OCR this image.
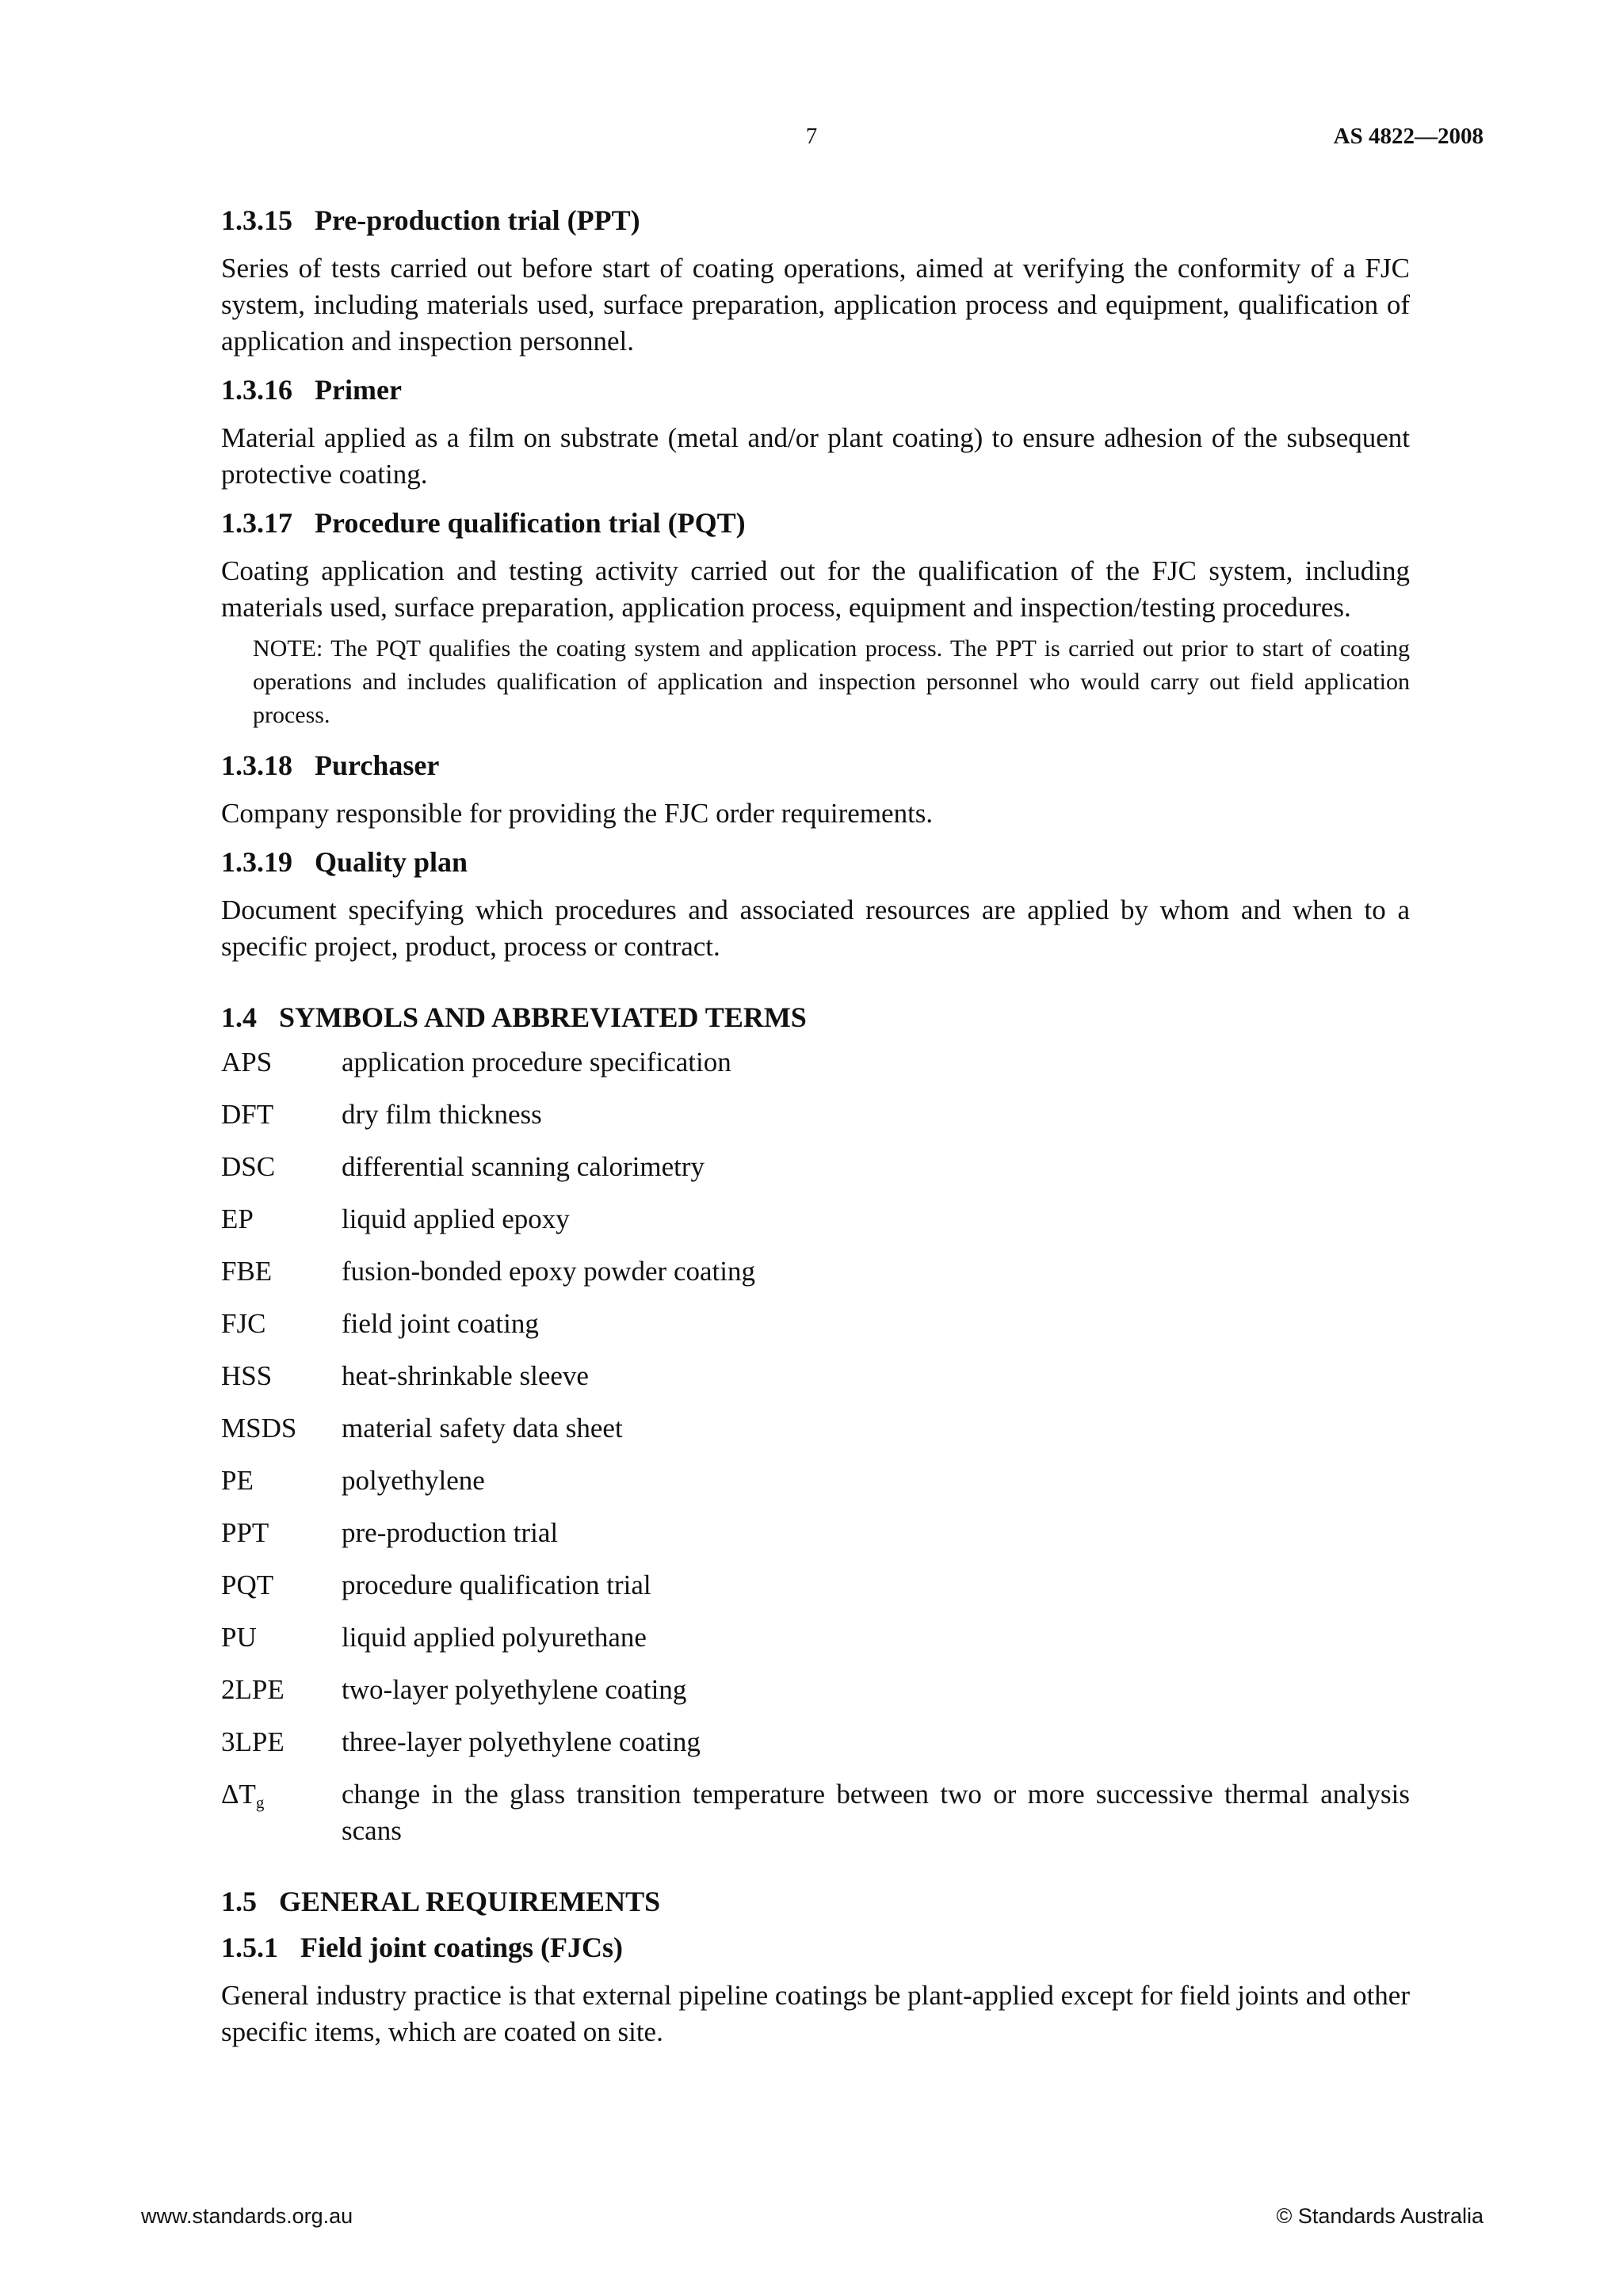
7	AS 4822—2008
1.3.15 Pre-production trial (PPT)

Series of tests carried out before start of coating operations, aimed at verifying the conformity of a FJC system, including materials used, surface preparation, application process and equipment, qualification of application and inspection personnel.

1.3.16 Primer

Material applied as a film on substrate (metal and/or plant coating) to ensure adhesion of the subsequent protective coating.

1.3.17 Procedure qualification trial (PQT)

Coating application and testing activity carried out for the qualification of the FJC system, including materials used, surface preparation, application process, equipment and inspection/testing procedures.

NOTE: The PQT qualifies the coating system and application process. The PPT is carried out prior to start of coating operations and includes qualification of application and inspection personnel who would carry out field application process.

1.3.18 Purchaser

Company responsible for providing the FJC order requirements.

1.3.19 Quality plan

Document specifying which procedures and associated resources are applied by whom and when to a specific project, product, process or contract.

1.4 SYMBOLS AND ABBREVIATED TERMS
APS	application procedure specification
DFT	dry film thickness
DSC	differential scanning calorimetry
EP	liquid applied epoxy
FBE	fusion-bonded epoxy powder coating
FJC	field joint coating
HSS	heat-shrinkable sleeve
MSDS	material safety data sheet
PE	polyethylene
PPT	pre-production trial
PQT	procedure qualification trial
PU	liquid applied polyurethane
2LPE	two-layer polyethylene coating
3LPE	three-layer polyethylene coating
$\Delta T_g$	change in the glass transition temperature between two or more successive thermal analysis scans
1.5 GENERAL REQUIREMENTS
1.5.1 Field joint coatings (FJCs)

General industry practice is that external pipeline coatings be plant-applied except for field joints and other specific items, which are coated on site.

www.standards.org.au	© Standards Australia
